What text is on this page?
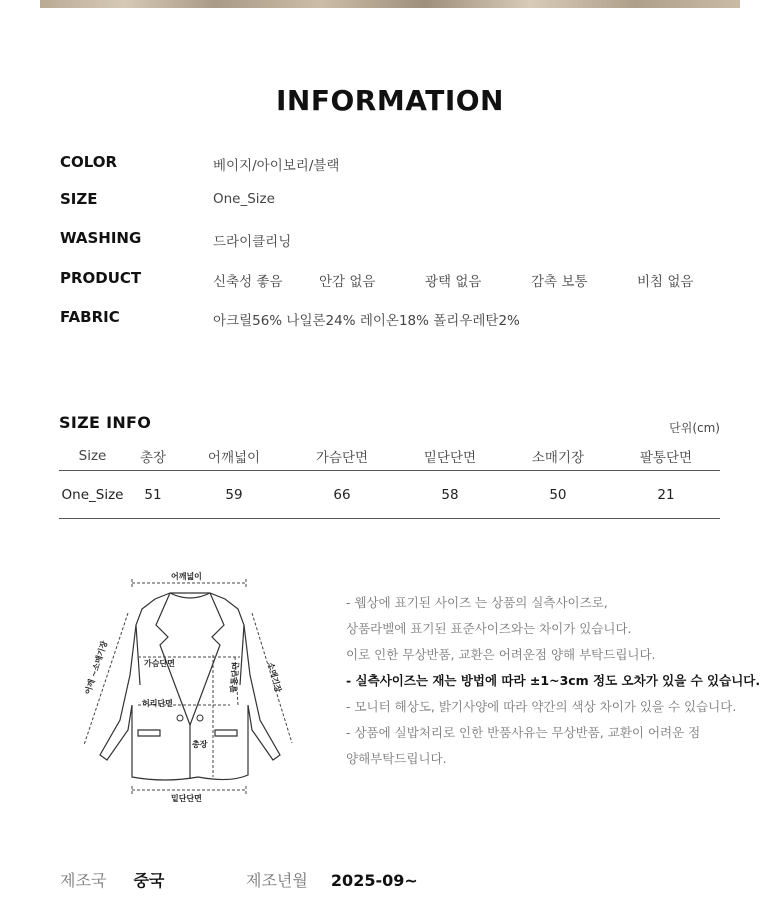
INFORMATION
COLOR	베이지/아이보리/블랙
SIZE	One_Size
WASHING	드라이클리닝
PRODUCT	신축성 좋음	안감 없음	광택 없음	감촉 보통	비침 없음
FABRIC	아크릴56% 나일론24% 레이온18% 폴리우레탄2%
SIZE INFO	단위(cm)
Size	총장	어깨넓이	가슴단면	밑단단면	소매기장	팔통단면
One_Size	51	59	66	58	50	21
어깨넓이
어깨 ~소매기장	가슴단면
허리단면
총장
팔통단면	소매기장
밑단단면
- 웹상에 표기된 사이즈 는 상품의 실측사이즈로,
상품라벨에 표기된 표준사이즈와는 차이가 있습니다.
이로 인한 무상반품, 교환은 어려운점 양해 부탁드립니다.
- 실측사이즈는 재는 방법에 따라 ±1~3cm 정도 오차가 있을 수 있습니다.
- 모니터 해상도, 밝기사양에 따라 약간의 색상 차이가 있을 수 있습니다.
- 상품에 실밥처리로 인한 반품사유는 무상반품, 교환이 어려운 점
양해부탁드립니다.
제조국 중국	제조년월 2025-09~
